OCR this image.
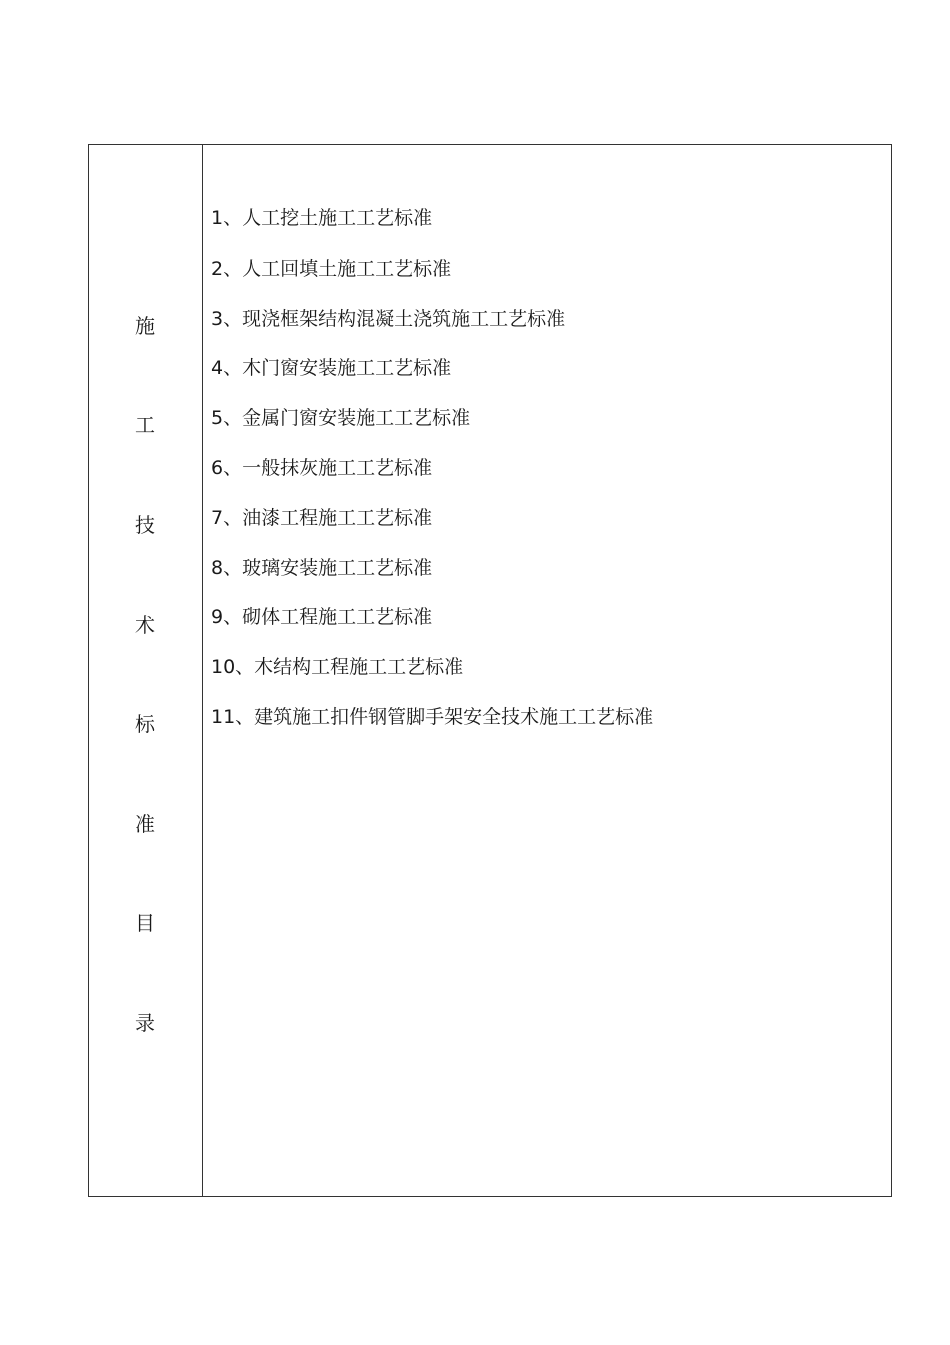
施
工
技
术
标
准
目
录
1、人工挖土施工工艺标准
2、人工回填土施工工艺标准
3、现浇框架结构混凝土浇筑施工工艺标准
4、木门窗安装施工工艺标准
5、金属门窗安装施工工艺标准
6、一般抹灰施工工艺标准
7、油漆工程施工工艺标准
8、玻璃安装施工工艺标准
9、砌体工程施工工艺标准
10、木结构工程施工工艺标准
11、建筑施工扣件钢管脚手架安全技术施工工艺标准
